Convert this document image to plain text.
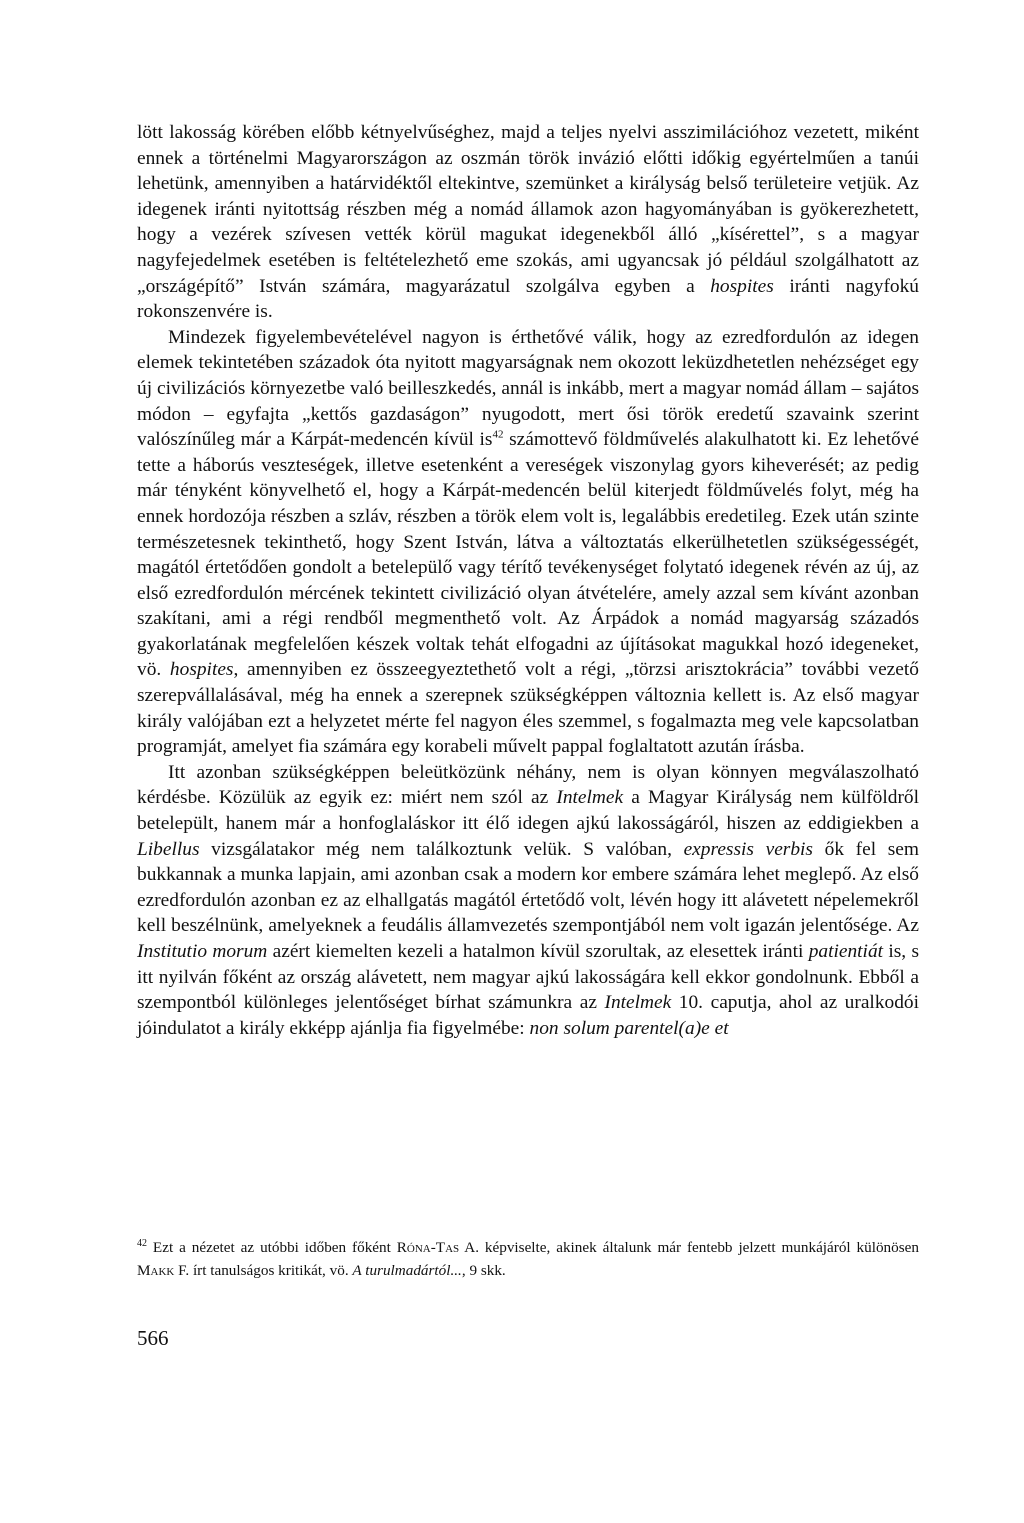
lött lakosság körében előbb kétnyelvűséghez, majd a teljes nyelvi asszimilációhoz vezetett, miként ennek a történelmi Magyarországon az oszmán török invázió előtti időkig egyértelműen a tanúi lehetünk, amennyiben a határvidéktől eltekintve, szemünket a királyság belső területeire vetjük. Az idegenek iránti nyitottság részben még a nomád államok azon hagyományában is gyökerezhetett, hogy a vezérek szívesen vették körül magukat idegenekből álló „kísérettel”, s a magyar nagyfejedelmek esetében is feltételezhető eme szokás, ami ugyancsak jó például szolgálhatott az „országépítő” István számára, magyarázatul szolgálva egyben a hospites iránti nagyfokú rokonszenvére is.

Mindezek figyelembevételével nagyon is érthetővé válik, hogy az ezredfordulón az idegen elemek tekintetében századok óta nyitott magyarságnak nem okozott leküzdhetetlen nehézséget egy új civilizációs környezetbe való beilleszkedés, annál is inkább, mert a magyar nomád állam – sajátos módon – egyfajta „kettős gazdaságon” nyugodott, mert ősi török eredetű szavaink szerint valószínűleg már a Kárpát-medencén kívül $is^{42}$ számottevő földművelés alakulhatott ki. Ez lehetővé tette a háborús veszteségek, illetve esetenként a vereségek viszonylag gyors kiheverését; az pedig már tényként könyvelhető el, hogy a Kárpát-medencén belül kiterjedt földművelés folyt, még ha ennek hordozója részben a szláv, részben a török elem volt is, legalábbis eredetileg. Ezek után szinte természetesnek tekinthető, hogy Szent István, látva a változtatás elkerülhetetlen szükségességét, magától értetődően gondolt a betelepülő vagy térítő tevékenységet folytató idegenek révén az új, az első ezredfordulón mércének tekintett civilizáció olyan átvételére, amely azzal sem kívánt azonban szakítani, ami a régi rendből megmenthető volt. Az Árpádok a nomád magyarság századós gyakorlatának megfelelően készek voltak tehát elfogadni az újításokat magukkal hozó idegeneket, vö. hospites, amennyiben ez összeegyeztethető volt a régi, „törzsi arisztokrácia” további vezető szerepvállalásával, még ha ennek a szerepnek szükségképpen változnia kellett is. Az első magyar király valójában ezt a helyzetet mérte fel nagyon éles szemmel, s fogalmazta meg vele kapcsolatban programját, amelyet fia számára egy korabeli művelt pappal foglaltatott azután írásba.

Itt azonban szükségképpen beleütközünk néhány, nem is olyan könnyen megválaszolható kérdésbe. Közülük az egyik ez: miért nem szól az Intelmek a Magyar Királyság nem külföldről betelepült, hanem már a honfoglaláskor itt élő idegen ajkú lakosságáról, hiszen az eddigiekben a Libellus vizsgálatakor még nem találkoztunk velük. S valóban, expressis verbis ők fel sem bukkannak a munka lapjain, ami azonban csak a modern kor embere számára lehet meglepő. Az első ezredfordulón azonban ez az elhallgatás magától értetődő volt, lévén hogy itt alávetett népelemekről kell beszélnünk, amelyeknek a feudális államvezetés szempontjából nem volt igazán jelentősége. Az Institutio morum azért kiemelten kezeli a hatalmon kívül szorultak, az elesettek iránti patientiát is, s itt nyilván főként az ország alávetett, nem magyar ajkú lakosságára kell ekkor gondolnunk. Ebből a szempontból különleges jelentőséget bírhat számunkra az Intelmek 10. caputja, ahol az uralkodói jóindulatot a király ekképp ajánlja fia figyelmébe: non solum parentel(a)e et

$^{42}$ Ezt a nézetet az utóbbi időben főként Róna-Tas A. képviselte, akinek általunk már fentebb jelzett munkájáról különösen Makk F. írt tanulságos kritikát, vö. A turulmadártól..., 9 skk.

566
